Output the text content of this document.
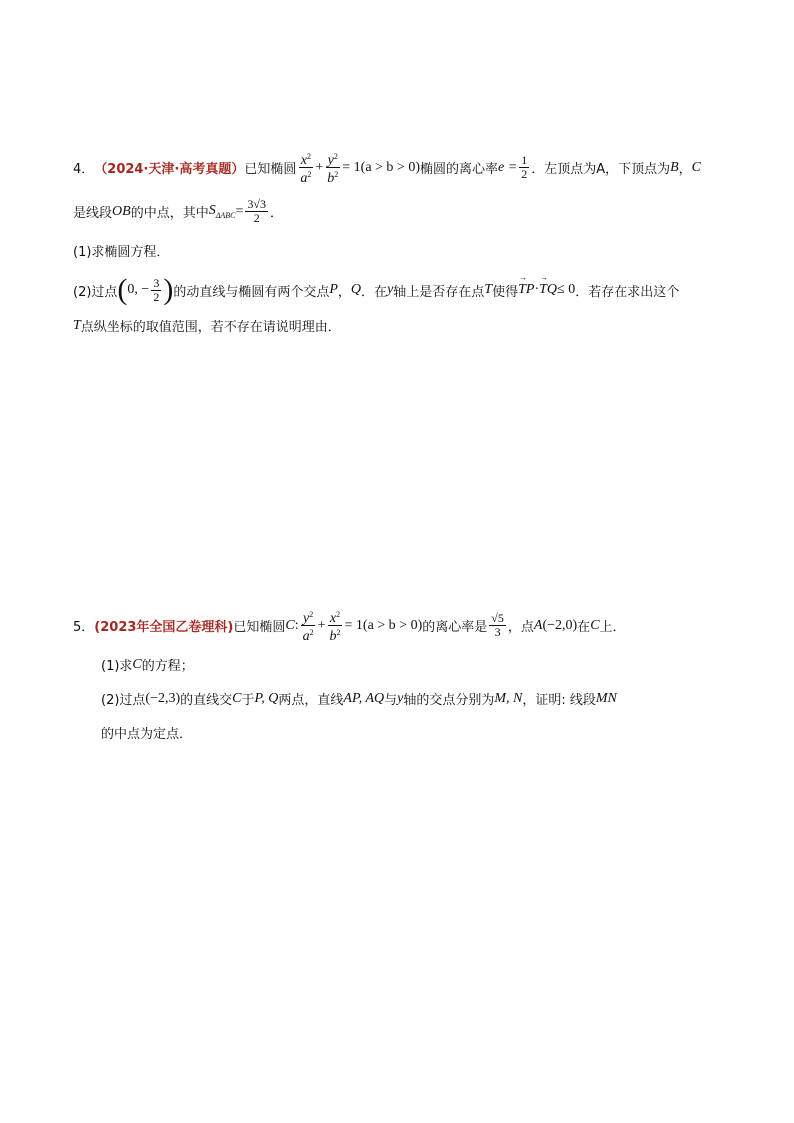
4． （2024·天津·高考真题） 已知椭圆 $\frac{x^2}{a^2} + \frac{y^2}{b^2} = 1(a > b > 0)$ 椭圆的离心率 $e = \frac{1}{2}$ ．左顶点为A，下顶点为 B ， C
是线段 OB 的中点，其中 $S_{\Delta ABC} = \frac{3√3}{2}$ ．
(1)求椭圆方程．
(2)过点 ( 0, − $\frac{3}{2}$ ) 的动直线与椭圆有两个交点 P ， Q ．在 y 轴上是否存在点 T 使得 → TP · → TQ ≤ 0 ．若存在求出这个
T 点纵坐标的取值范围，若不存在请说明理由．
5． (2023年全国乙卷理科) 已知椭圆 C : $\frac{y^2}{a^2} + \frac{x^2}{b^2} = 1(a > b > 0)$ 的离心率是 $\frac{√5}{3}$ ，点 A (−2,0) 在 C 上．
(1)求 C 的方程；
(2)过点 (−2,3) 的直线交 C 于 P, Q 两点，直线 AP, AQ 与 y 轴的交点分别为 M, N ，证明: 线段 MN
的中点为定点．
